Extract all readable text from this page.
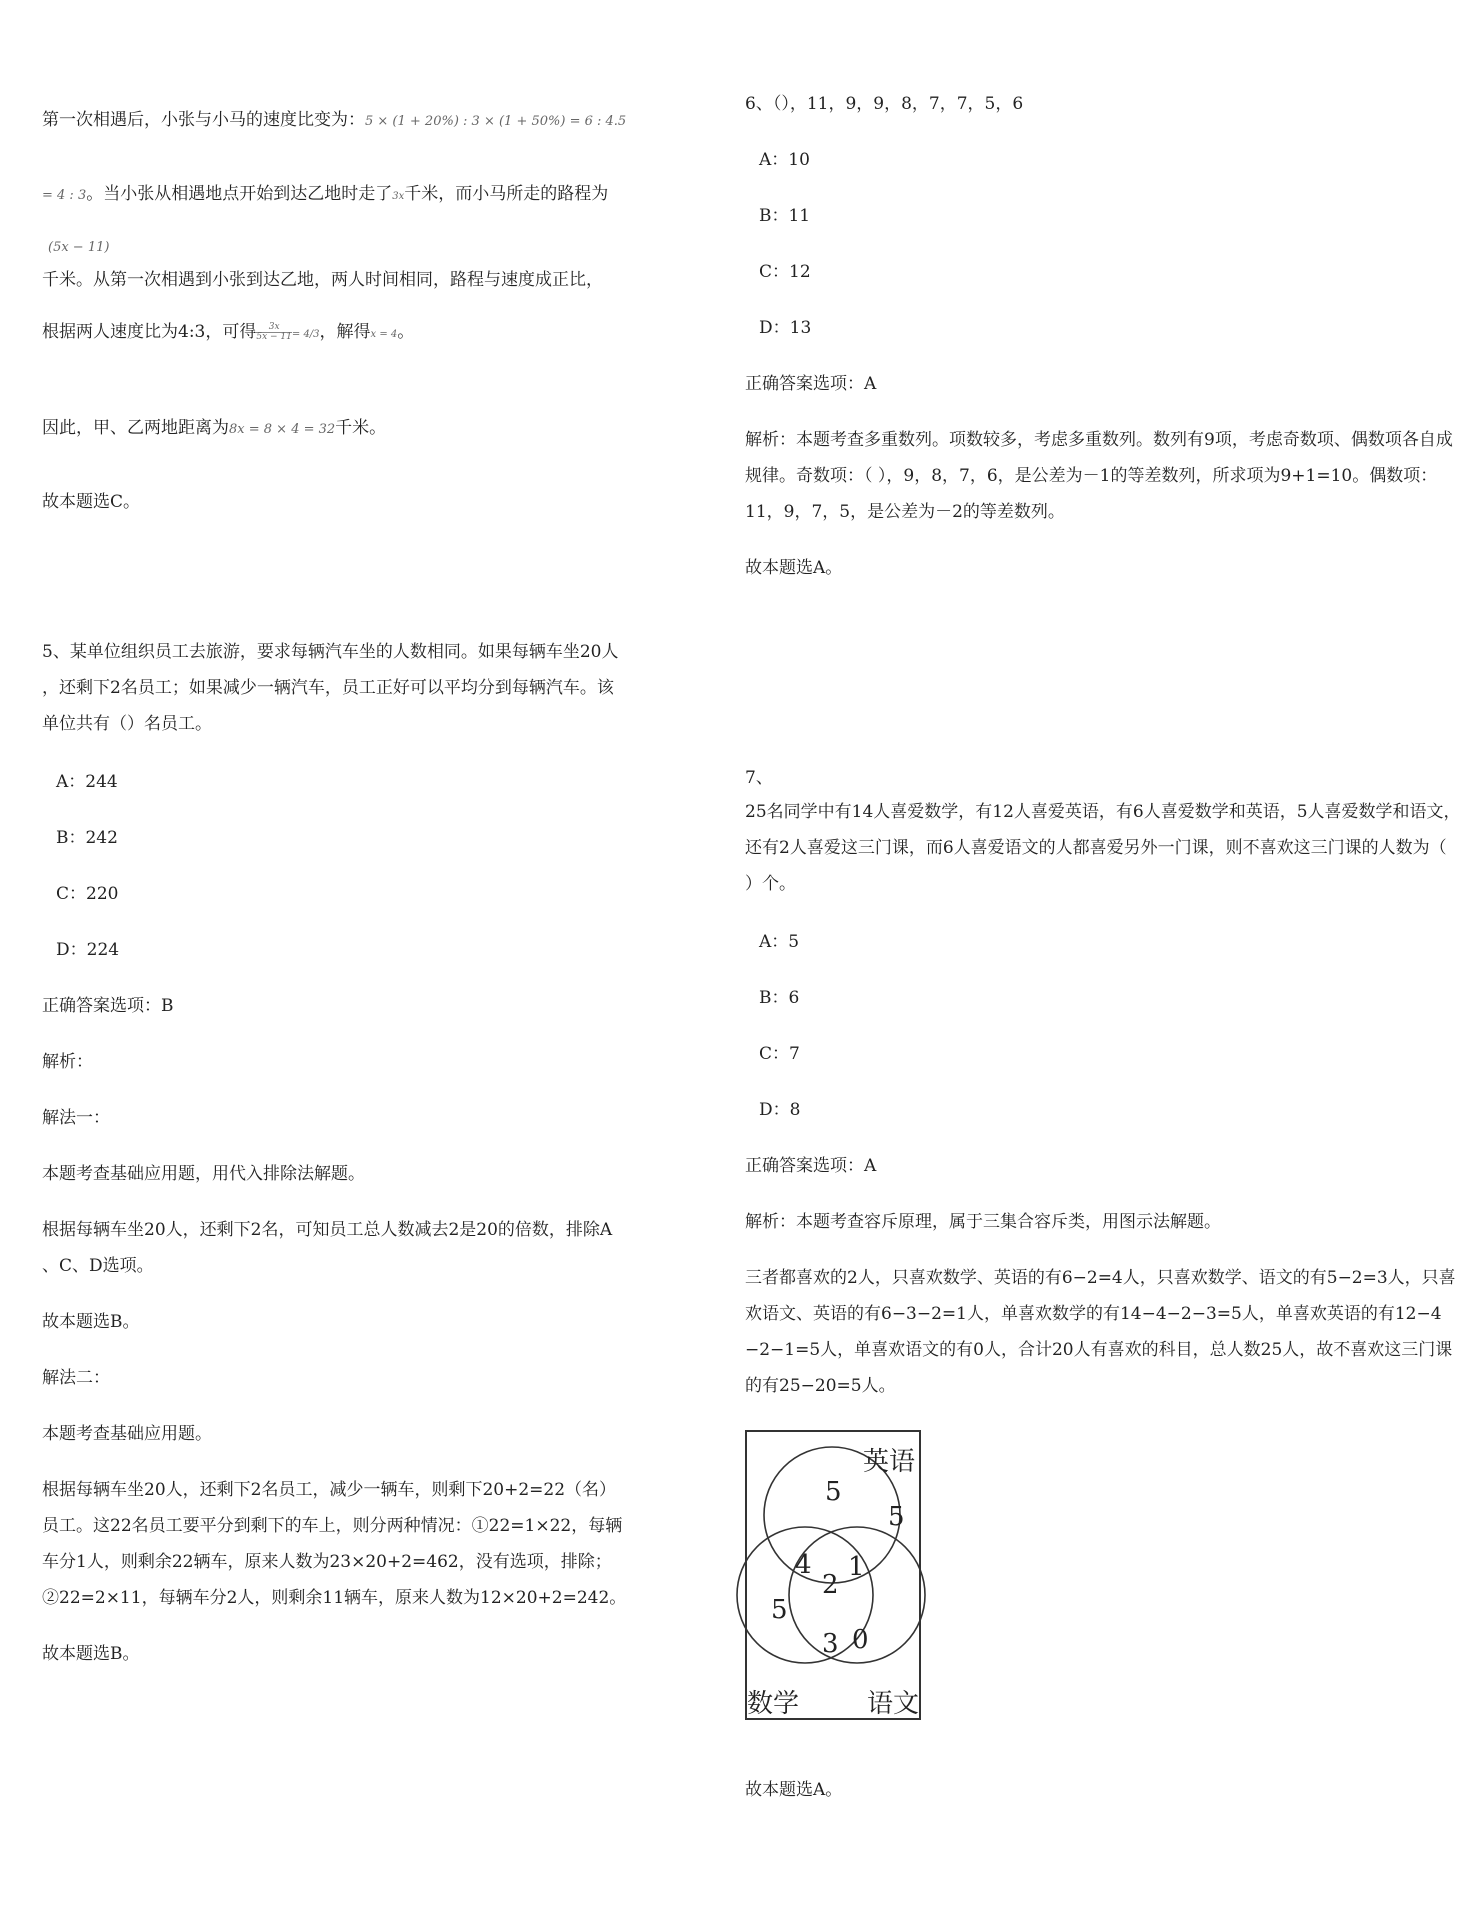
第一次相遇后，小张与小马的速度比变为：5 × (1 + 20%) : 3 × (1 + 50%) = 6 : 4.5

= 4 : 3。当小张从相遇地点开始到达乙地时走了3x千米，而小马所走的路程为

(5x − 11)

千米。从第一次相遇到小张到达乙地，两人时间相同，路程与速度成正比，

根据两人速度比为4:3，可得 $\frac{3x}{5x - 11} = 4/3$，解得x = 4。

因此，甲、乙两地距离为8x = 8 × 4 = 32千米。

故本题选C。

5、某单位组织员工去旅游，要求每辆汽车坐的人数相同。如果每辆车坐20人

，还剩下2名员工；如果减少一辆汽车，员工正好可以平均分到每辆汽车。该

单位共有（）名员工。

A：244

B：242

C：220

D：224

正确答案选项：B

解析：

解法一：

本题考查基础应用题，用代入排除法解题。

根据每辆车坐20人，还剩下2名，可知员工总人数减去2是20的倍数，排除A

、C、D选项。

故本题选B。

解法二：

本题考查基础应用题。

根据每辆车坐20人，还剩下2名员工，减少一辆车，则剩下20+2=22（名）

员工。这22名员工要平分到剩下的车上，则分两种情况：①22=1×22，每辆

车分1人，则剩余22辆车，原来人数为23×20+2=462，没有选项，排除；

②22=2×11，每辆车分2人，则剩余11辆车，原来人数为12×20+2=242。

故本题选B。

6、（），11，9，9，8，7，7，5，6

A：10

B：11

C：12

D：13

正确答案选项：A

解析：本题考查多重数列。项数较多，考虑多重数列。数列有9项，考虑奇数项、偶数项各自成

规律。奇数项：（ ），9，8，7，6，是公差为－1的等差数列，所求项为9+1=10。偶数项：

11，9，7，5，是公差为－2的等差数列。

故本题选A。

7、

25名同学中有14人喜爱数学，有12人喜爱英语，有6人喜爱数学和英语，5人喜爱数学和语文，

还有2人喜爱这三门课，而6人喜爱语文的人都喜爱另外一门课，则不喜欢这三门课的人数为（

）个。

A：5

B：6

C：7

D：8

正确答案选项：A

解析：本题考查容斥原理，属于三集合容斥类，用图示法解题。

三者都喜欢的2人，只喜欢数学、英语的有6−2=4人，只喜欢数学、语文的有5−2=3人，只喜

欢语文、英语的有6−3−2=1人，单喜欢数学的有14−4−2−3=5人，单喜欢英语的有12−4

−2−1=5人，单喜欢语文的有0人，合计20人有喜欢的科目，总人数25人，故不喜欢这三门课

的有25−20=5人。

英语
数学	语文
5
5
4
2
1
5
3 0

故本题选A。
